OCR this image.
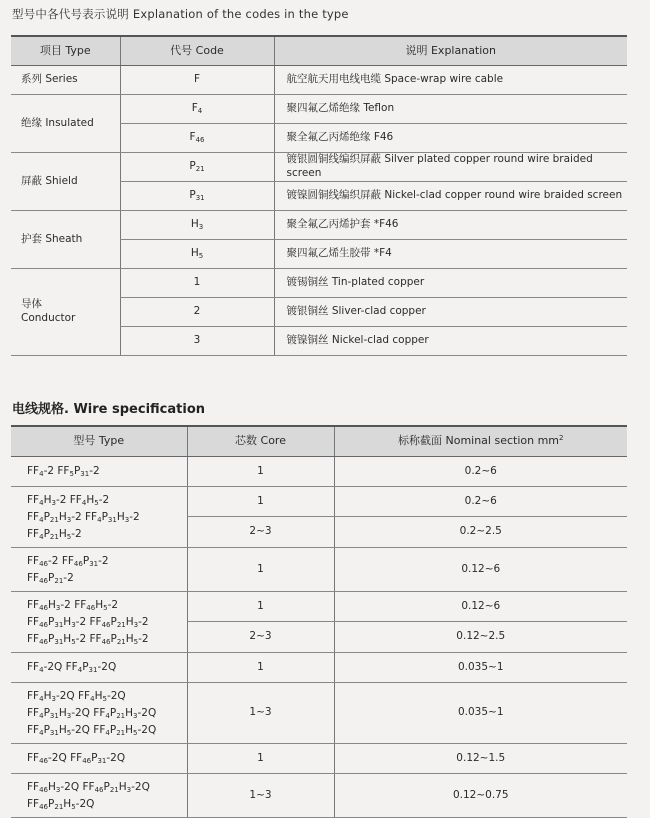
型号中各代号表示说明 Explanation of the codes in the type
项目 Type	代号 Code	说明 Explanation

系列 Series	F	航空航天用电线电缆 Space-wrap wire cable

绝缘 Insulated	$F_4$	聚四氟乙烯绝缘 Teflon
	$F_{46}$	聚全氟乙丙烯绝缘 F46

屏蔽 Shield	$P_{21}$	镀银圆铜线编织屏蔽 Silver plated copper round wire braided screen
	$P_{31}$	镀镍圆铜线编织屏蔽 Nickel-clad copper round wire braided screen

护套 Sheath	$H_3$	聚全氟乙丙烯护套 *F46
	$H_5$	聚四氟乙烯生胶带 *F4

导体
Conductor	1	镀锡铜丝 Tin-plated copper
	2	镀银铜丝 Sliver-clad copper
	3	镀镍铜丝 Nickel-clad copper
电线规格. Wire specification
型号 Type	芯数 Core	标称截面 Nominal section $mm^2$

$FF_4-2$ $FF_5P_{31}-2$	1	0.2~6

$FF_4H_3-2$ $FF_4H_5-2$
$FF_4P_{21}H_3-2$ $FF_4P_{31}H_3-2$
$FF_4P_{21}H_5-2$	1	0.2~6
	2~3	0.2~2.5

$FF_{46}-2$ $FF_{46}P_{31}-2$
$FF_{46}P_{21}-2$	1	0.12~6

$FF_{46}H_3-2$ $FF_{46}H_5-2$
$FF_{46}P_{31}H_3-2$ $FF_{46}P_{21}H_3-2$
$FF_{46}P_{31}H_5-2$ $FF_{46}P_{21}H_5-2$	1	0.12~6
	2~3	0.12~2.5

$FF_4-2Q$ $FF_4P_{31}-2Q$	1	0.035~1

$FF_4H_3-2Q$ $FF_4H_5-2Q$
$FF_4P_{31}H_3-2Q$ $FF_4P_{21}H_3-2Q$
$FF_4P_{31}H_5-2Q$ $FF_4P_{21}H_5-2Q$	1~3	0.035~1

$FF_{46}-2Q$ $FF_{46}P_{31}-2Q$	1	0.12~1.5

$FF_{46}H_3-2Q$ $FF_{46}P_{21}H_3-2Q$
$FF_{46}P_{21}H_5-2Q$	1~3	0.12~0.75
